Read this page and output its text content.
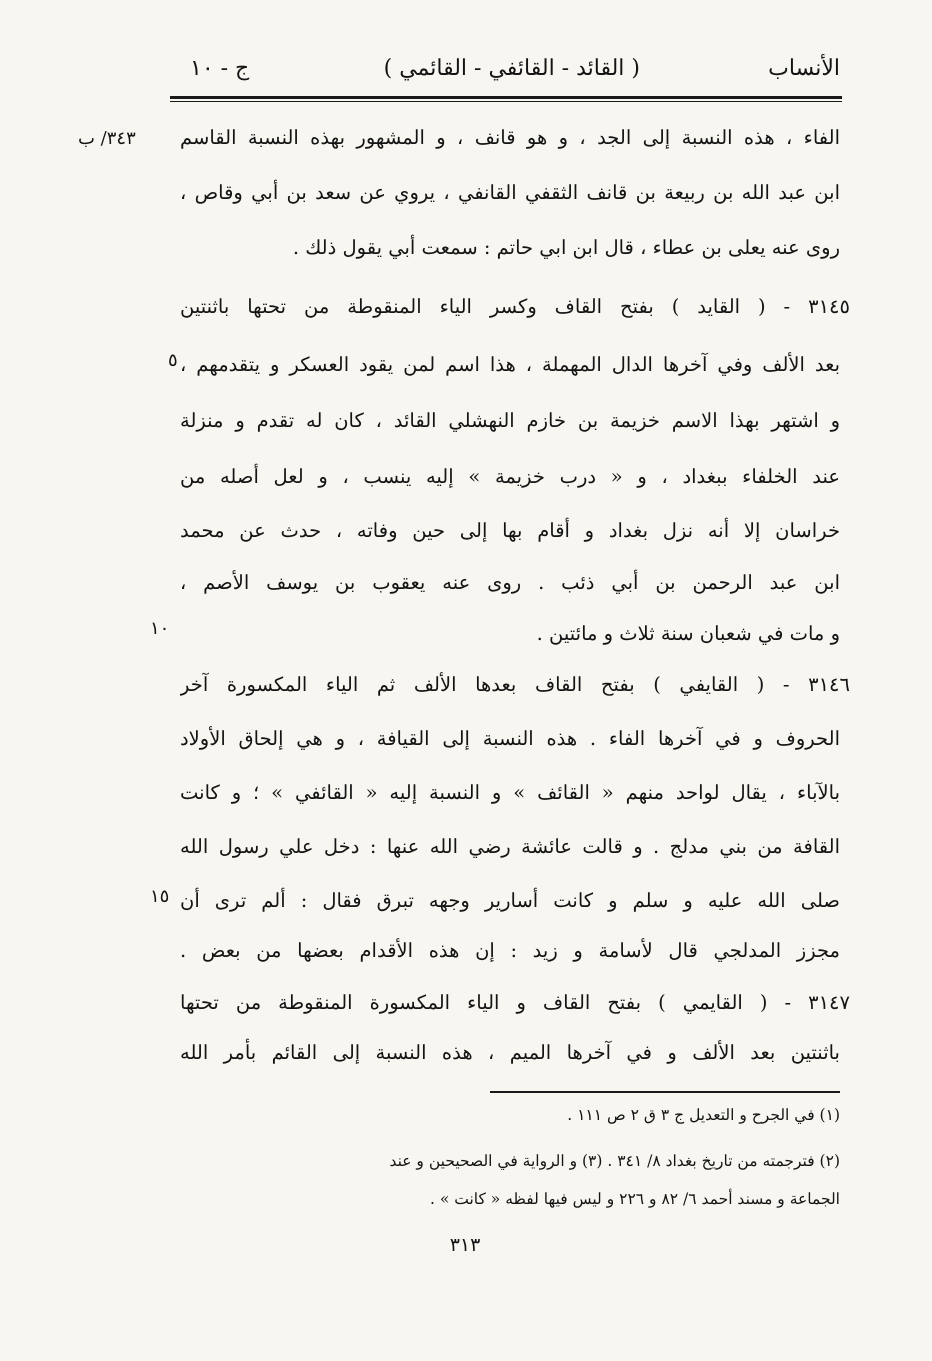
الأنساب
( القائد - القائفي - القائمي )
ج - ١٠
٣٤٣/ ب
٥
١٠
١٥
الفاء ، هذه النسبة إلى الجد ، و هو قانف ، و المشهور بهذه النسبة القاسم
ابن عبد الله بن ربيعة بن قانف الثقفي القانفي ، يروي عن سعد بن أبي وقاص ،
روى عنه يعلى بن عطاء ، قال ابن ابي حاتم : سمعت أبي يقول ذلك .
٣١٤٥ - ( القايد ) بفتح القاف وكسر الياء المنقوطة من تحتها باثنتين
بعد الألف وفي آخرها الدال المهملة ، هذا اسم لمن يقود العسكر و يتقدمهم ،
و اشتهر بهذا الاسم خزيمة بن خازم النهشلي القائد ، كان له تقدم و منزلة
عند الخلفاء ببغداد ، و « درب خزيمة » إليه ينسب ، و لعل أصله من
خراسان إلا أنه نزل بغداد و أقام بها إلى حين وفاته ، حدث عن محمد
ابن عبد الرحمن بن أبي ذئب . روى عنه يعقوب بن يوسف الأصم ،
و مات في شعبان سنة ثلاث و مائتين .
٣١٤٦ - ( القايفي ) بفتح القاف بعدها الألف ثم الياء المكسورة آخر
الحروف و في آخرها الفاء . هذه النسبة إلى القيافة ، و هي إلحاق الأولاد
بالآباء ، يقال لواحد منهم « القائف » و النسبة إليه « القائفي » ؛ و كانت
القافة من بني مدلج . و قالت عائشة رضي الله عنها : دخل علي رسول الله
صلى الله عليه و سلم و كانت أسارير وجهه تبرق فقال : ألم ترى أن
مجزز المدلجي قال لأسامة و زيد : إن هذه الأقدام بعضها من بعض .
٣١٤٧ - ( القايمي ) بفتح القاف و الياء المكسورة المنقوطة من تحتها
باثنتين بعد الألف و في آخرها الميم ، هذه النسبة إلى القائم بأمر الله
(١) في الجرح و التعديل ج ٣ ق ٢ ص ١١١ .
(٢) فترجمته من تاريخ بغداد ٨/ ٣٤١ . (٣) و الرواية في الصحيحين و عند
الجماعة و مسند أحمد ٦/ ٨٢ و ٢٢٦ و ليس فيها لفظه « كانت » .
٣١٣
